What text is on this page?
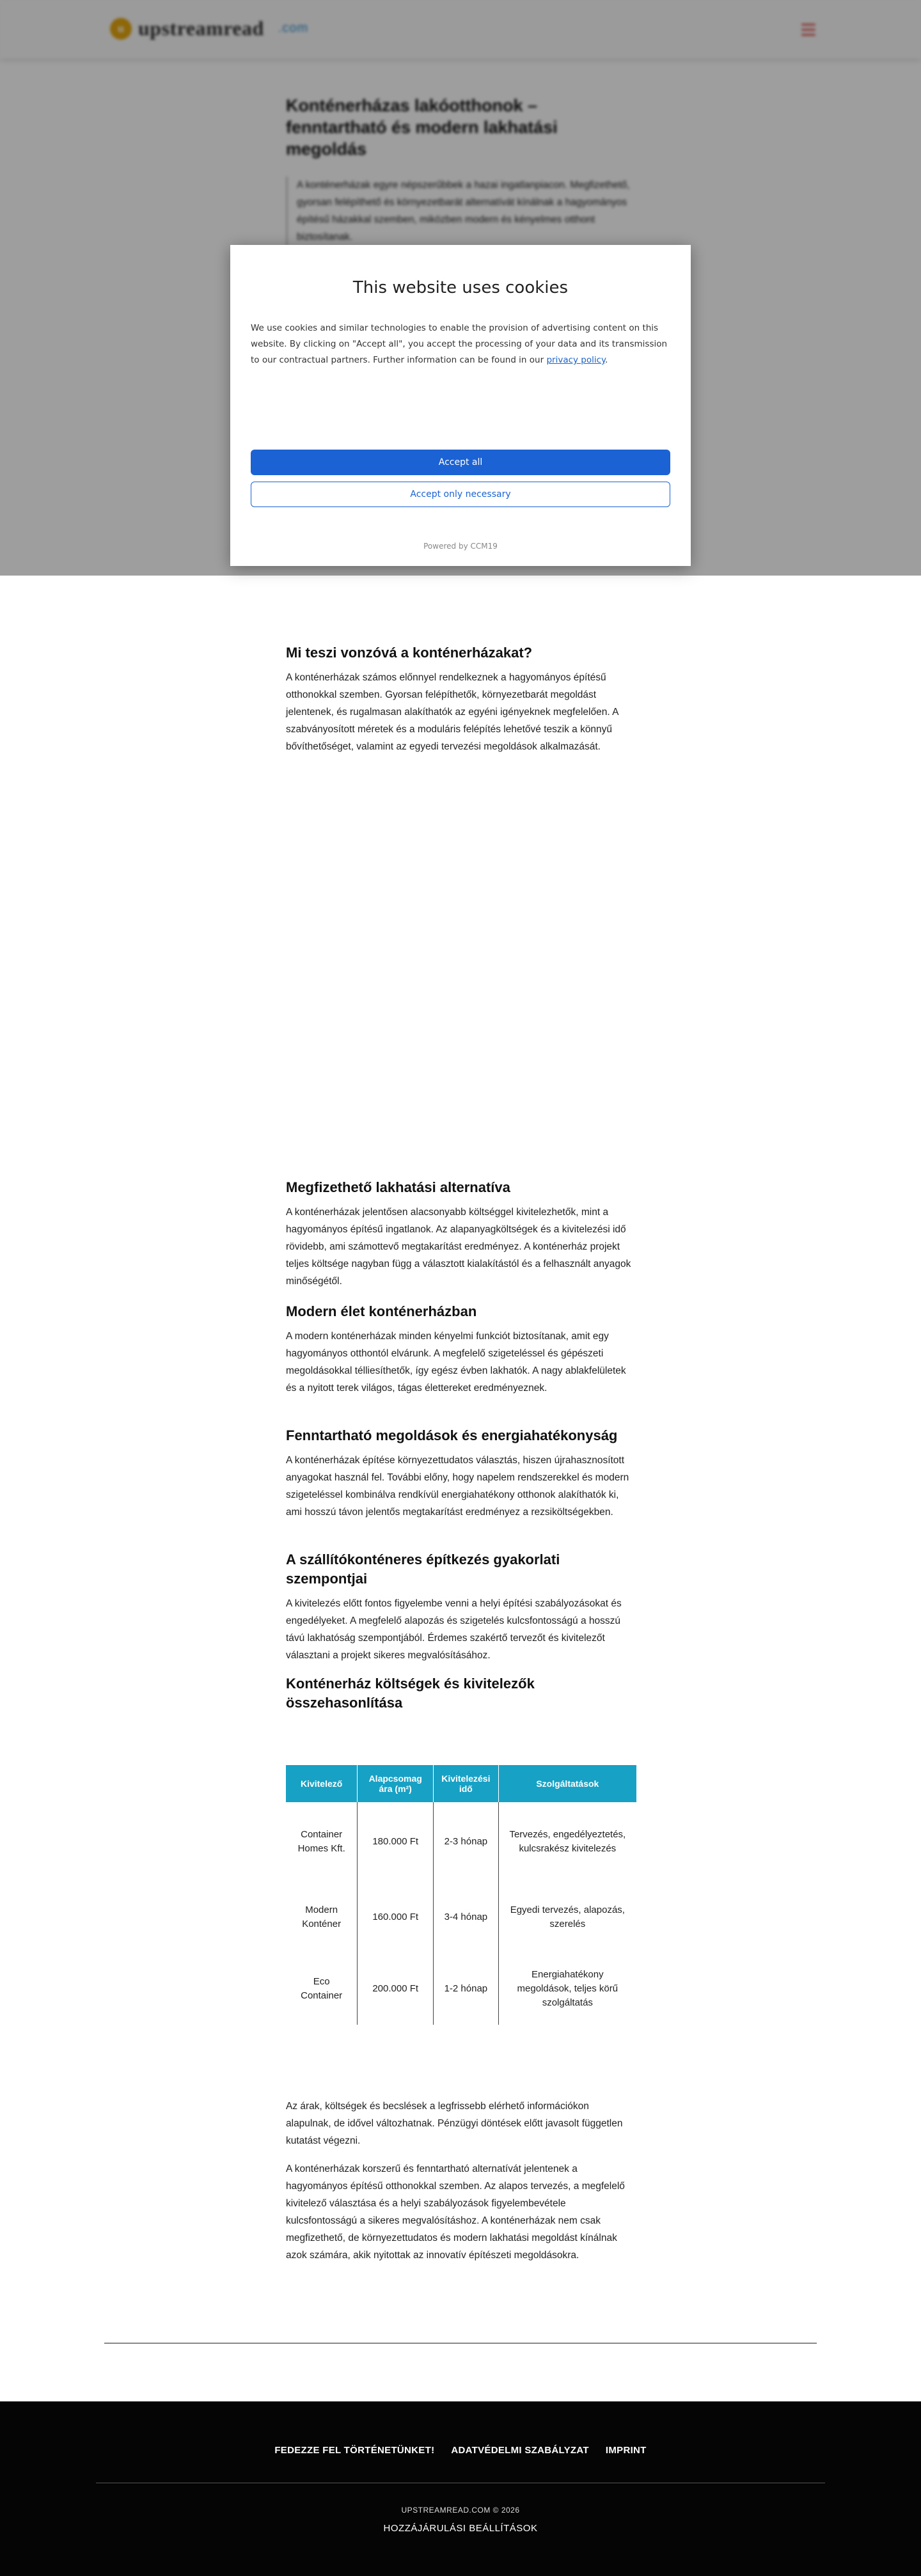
u upstreamread .com
Konténerházas lakóotthonok – fenntartható és modern lakhatási megoldás

A konténerházak egyre népszerűbbek a hazai ingatlanpiacon. Megfizethető, gyorsan felépíthető és környezetbarát alternatívát kínálnak a hagyományos építésű házakkal szemben, miközben modern és kényelmes otthont biztosítanak.

Mi teszi vonzóvá a konténerházakat?

A konténerházak számos előnnyel rendelkeznek a hagyományos építésű otthonokkal szemben. Gyorsan felépíthetők, környezetbarát megoldást jelentenek, és rugalmasan alakíthatók az egyéni igényeknek megfelelően. A szabványosított méretek és a moduláris felépítés lehetővé teszik a könnyű bővíthetőséget, valamint az egyedi tervezési megoldások alkalmazását.

Megfizethető lakhatási alternatíva

A konténerházak jelentősen alacsonyabb költséggel kivitelezhetők, mint a hagyományos építésű ingatlanok. Az alapanyagköltségek és a kivitelezési idő rövidebb, ami számottevő megtakarítást eredményez. A konténerház projekt teljes költsége nagyban függ a választott kialakítástól és a felhasznált anyagok minőségétől.

Modern élet konténerházban

A modern konténerházak minden kényelmi funkciót biztosítanak, amit egy hagyományos otthontól elvárunk. A megfelelő szigeteléssel és gépészeti megoldásokkal télliesíthetők, így egész évben lakhatók. A nagy ablakfelületek és a nyitott terek világos, tágas élettereket eredményeznek.

Fenntartható megoldások és energiahatékonyság

A konténerházak építése környezettudatos választás, hiszen újrahasznosított anyagokat használ fel. További előny, hogy napelem rendszerekkel és modern szigeteléssel kombinálva rendkívül energiahatékony otthonok alakíthatók ki, ami hosszú távon jelentős megtakarítást eredményez a rezsiköltségekben.

A szállítókonténeres építkezés gyakorlati szempontjai

A kivitelezés előtt fontos figyelembe venni a helyi építési szabályozásokat és engedélyeket. A megfelelő alapozás és szigetelés kulcsfontosságú a hosszú távú lakhatóság szempontjából. Érdemes szakértő tervezőt és kivitelezőt választani a projekt sikeres megvalósításához.

Konténerház költségek és kivitelezők összehasonlítása
Kivitelező	Alapcsomag ára (m²)	Kivitelezési idő	Szolgáltatások
Container Homes Kft.	180.000 Ft	2-3 hónap	Tervezés, engedélyeztetés, kulcsrakész kivitelezés
Modern Konténer	160.000 Ft	3-4 hónap	Egyedi tervezés, alapozás, szerelés
Eco Container	200.000 Ft	1-2 hónap	Energiahatékony megoldások, teljes körű szolgáltatás

Az árak, költségek és becslések a legfrissebb elérhető információkon alapulnak, de idővel változhatnak. Pénzügyi döntések előtt javasolt független kutatást végezni.

A konténerházak korszerű és fenntartható alternatívát jelentenek a hagyományos építésű otthonokkal szemben. Az alapos tervezés, a megfelelő kivitelező választása és a helyi szabályozások figyelembevétele kulcsfontosságú a sikeres megvalósításhoz. A konténerházak nem csak megfizethető, de környezettudatos és modern lakhatási megoldást kínálnak azok számára, akik nyitottak az innovatív építészeti megoldásokra.

FEDEZZE FEL TÖRTÉNETÜNKET! ADATVÉDELMI SZABÁLYZAT IMPRINT
UPSTREAMREAD.COM © 2026
HOZZÁJÁRULÁSI BEÁLLÍTÁSOK
This website uses cookies
We use cookies and similar technologies to enable the provision of advertising content on this website. By clicking on "Accept all", you accept the processing of your data and its transmission to our contractual partners. Further information can be found in our privacy policy.
Accept all
Accept only necessary
Powered by CCM19
